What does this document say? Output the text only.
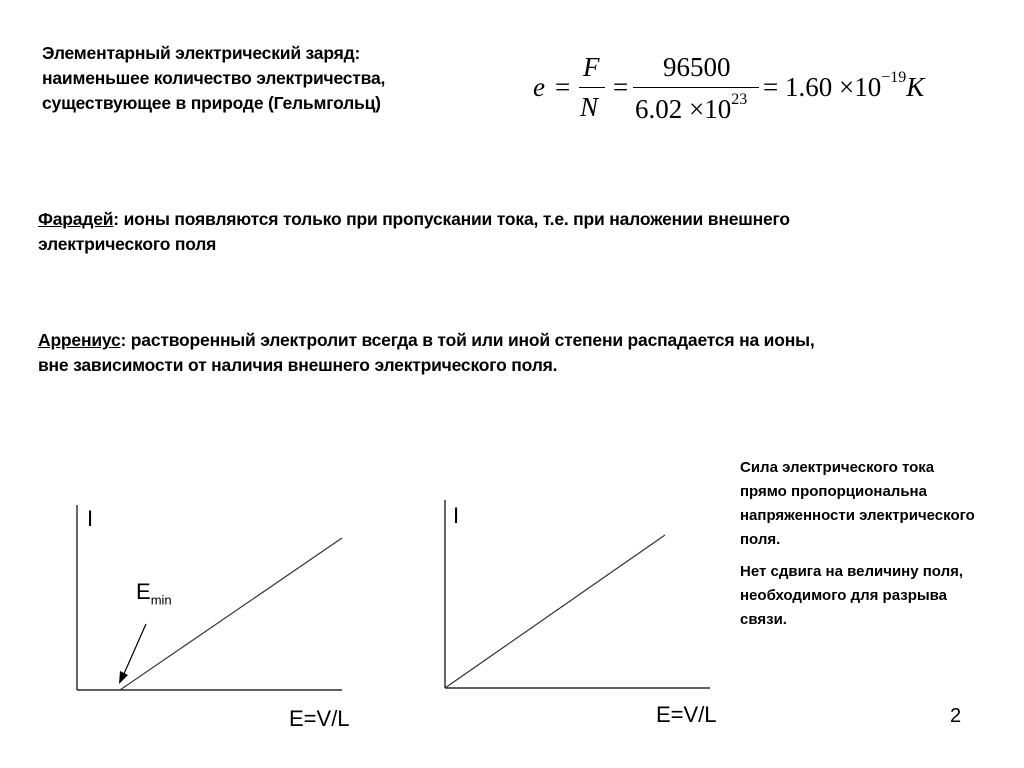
Элементарный электрический заряд:
наименьшее количество электричества,
существующее в природе (Гельмгольц)
e =
F
N
=
96500
$6.02 \times 10^{23} = 1.60 \times 10^{-19}К$
Фарадей: ионы появляются только при пропускании тока, т.е. при наложении внешнего
электрического поля
Аррениус: растворенный электролит всегда в той или иной степени распадается на ионы,
вне зависимости от наличия внешнего электрического поля.
I
E=V/L
$E_{min}$
I
E=V/L

Сила электрического тока прямо пропорциональна напряженности электрического поля.

Нет сдвига на величину поля, необходимого для разрыва связи.

2
